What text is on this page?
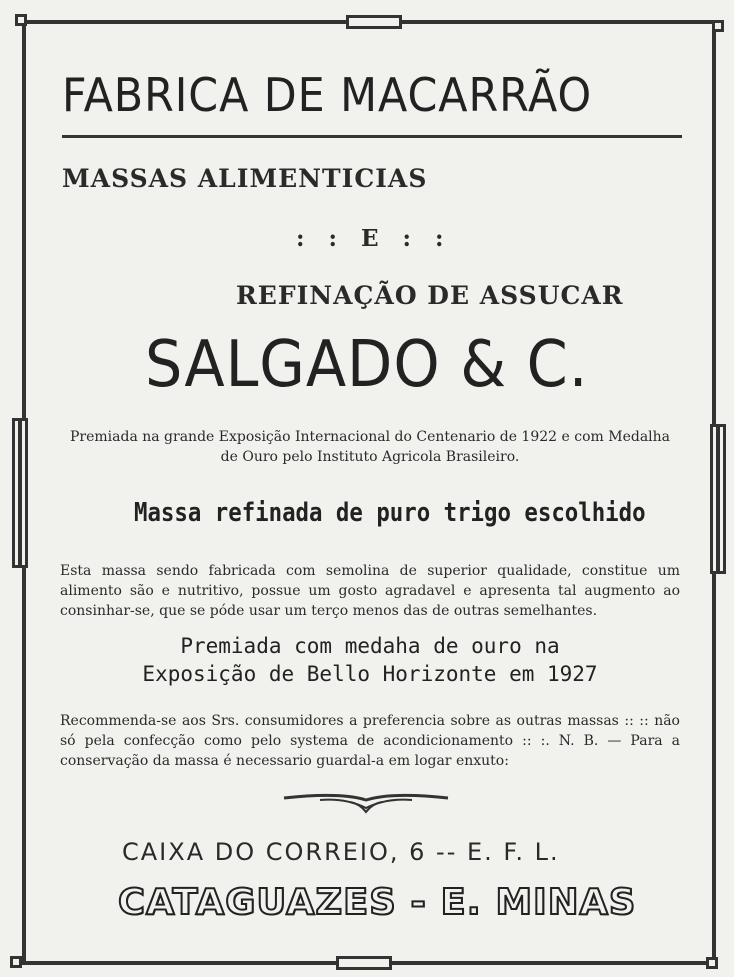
FABRICA DE MACARRÃO
MASSAS ALIMENTICIAS
: : E : :
REFINAÇÃO DE ASSUCAR
SALGADO & C.
Premiada na grande Exposição Internacional do Centenario de 1922 e com Medalha de Ouro pelo Instituto Agricola Brasileiro.
Massa refinada de puro trigo escolhido
Esta massa sendo fabricada com semolina de superior qualidade, constitue um alimento são e nutritivo, possue um gosto agradavel e apresenta tal augmento ao consinhar-se, que se póde usar um terço menos das de outras semelhantes.
Premiada com medaha de ouro na
Exposição de Bello Horizonte em 1927
Recommenda-se aos Srs. consumidores a preferencia sobre as outras massas :: :: não só pela confecção como pelo systema de acondicionamento :: :. N. B. — Para a conservação da massa é necessario guardal-a em logar enxuto:
CAIXA DO CORREIO, 6 -- E. F. L.
CATAGUAZES - E. MINAS
